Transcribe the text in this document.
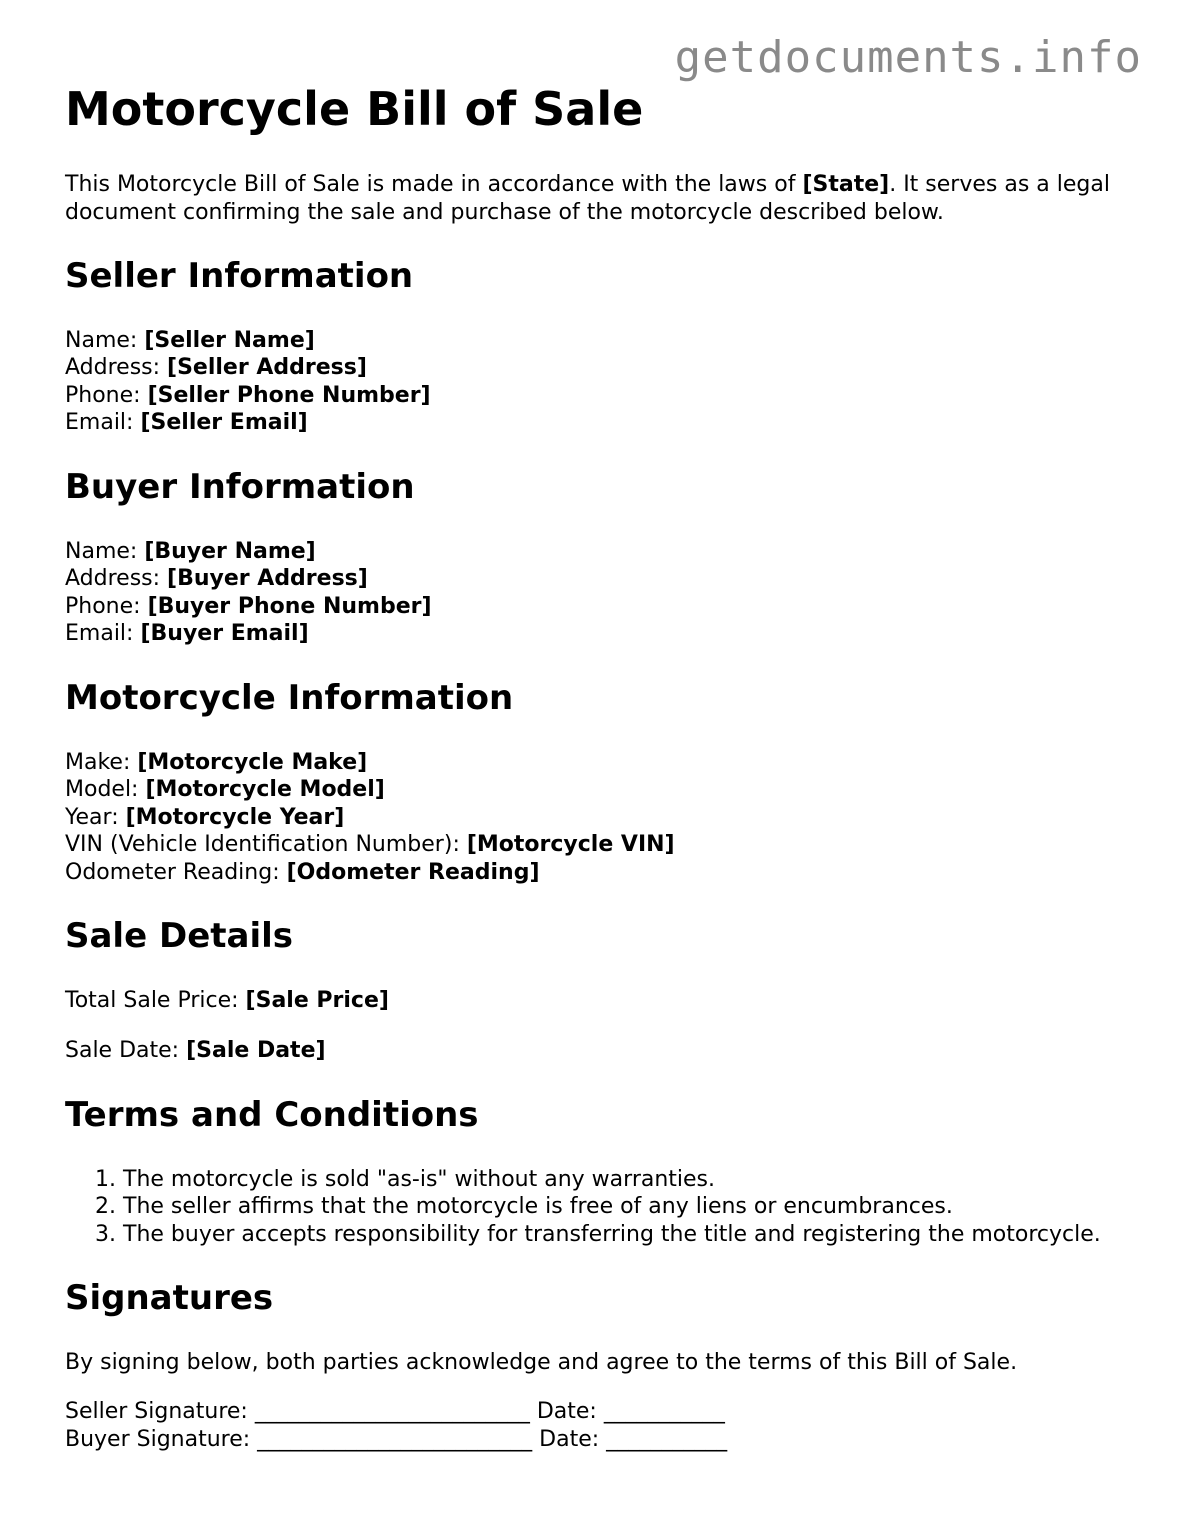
getdocuments.info
Motorcycle Bill of Sale

This Motorcycle Bill of Sale is made in accordance with the laws of [State]. It serves as a legal document confirming the sale and purchase of the motorcycle described below.

Seller Information
Name: [Seller Name]
Address: [Seller Address]
Phone: [Seller Phone Number]
Email: [Seller Email]
Buyer Information
Name: [Buyer Name]
Address: [Buyer Address]
Phone: [Buyer Phone Number]
Email: [Buyer Email]
Motorcycle Information
Make: [Motorcycle Make]
Model: [Motorcycle Model]
Year: [Motorcycle Year]
VIN (Vehicle Identification Number): [Motorcycle VIN]
Odometer Reading: [Odometer Reading]
Sale Details
Total Sale Price: [Sale Price]
Sale Date: [Sale Date]
Terms and Conditions
1. The motorcycle is sold "as-is" without any warranties.
2. The seller affirms that the motorcycle is free of any liens or encumbrances.
3. The buyer accepts responsibility for transferring the title and registering the motorcycle.
Signatures

By signing below, both parties acknowledge and agree to the terms of this Bill of Sale.

Seller Signature: _________________________ Date: ___________
Buyer Signature: _________________________ Date: ___________
